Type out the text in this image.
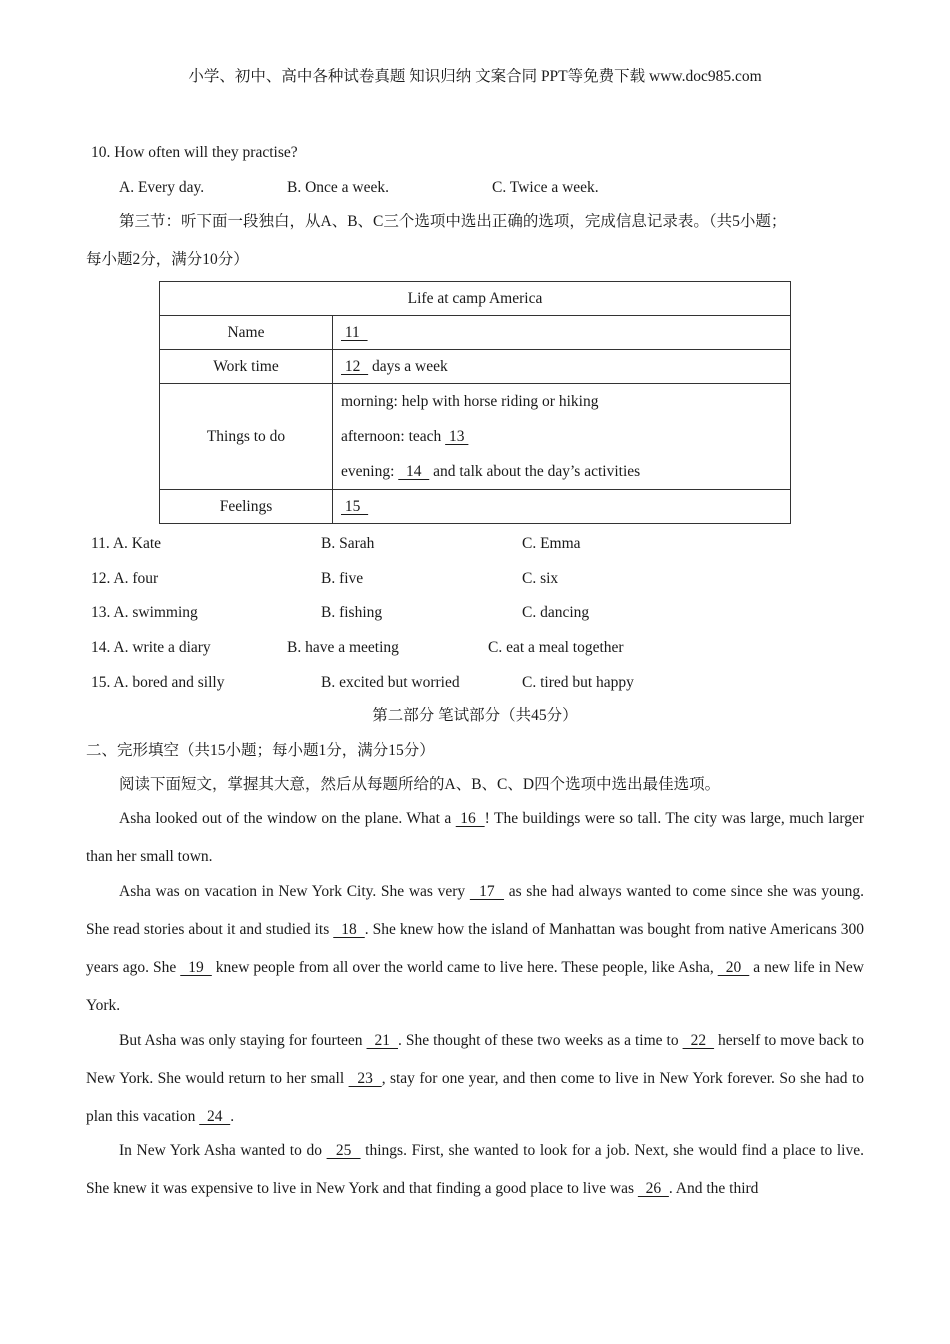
小学、初中、高中各种试卷真题 知识归纳 文案合同 PPT等免费下载 www.doc985.com
10. How often will they practise?
A. Every day.	B. Once a week.	C. Twice a week.
第三节：听下面一段独白，从A、B、C三个选项中选出正确的选项，完成信息记录表。（共5小题；
每小题2分，满分10分）
Life at camp America	
Name	11
Work time	12   days a week
Things to do	morning: help with horse riding or hiking
afternoon: teach  13
evening:   14   and talk about the day’s activities

Feelings	15
11. A. Kate	B. Sarah	C. Emma
12. A. four	B. five	C. six
13. A. swimming	B. fishing	C. dancing
14. A. write a diary	B. have a meeting	C. eat a meal together
15. A. bored and silly	B. excited but worried	C. tired but happy
第二部分 笔试部分（共45分）
二、完形填空（共15小题；每小题1分，满分15分）
阅读下面短文，掌握其大意，然后从每题所给的A、B、C、D四个选项中选出最佳选项。
Asha looked out of the window on the plane. What a  16  ! The buildings were so tall. The city was large, much larger than her small town.
Asha was on vacation in New York City. She was very   17   as she had always wanted to come since she was young. She read stories about it and studied its   18  . She knew how the island of Manhattan was bought from native Americans 300 years ago. She   19   knew people from all over the world came to live here. These people, like Asha,   20   a new life in New York.
But Asha was only staying for fourteen   21  . She thought of these two weeks as a time to   22   herself to move back to New York. She would return to her small   23  , stay for one year, and then come to live in New York forever. So she had to plan this vacation   24  .
In New York Asha wanted to do   25   things. First, she wanted to look for a job. Next, she would find a place to live. She knew it was expensive to live in New York and that finding a good place to live was   26  . And the third
